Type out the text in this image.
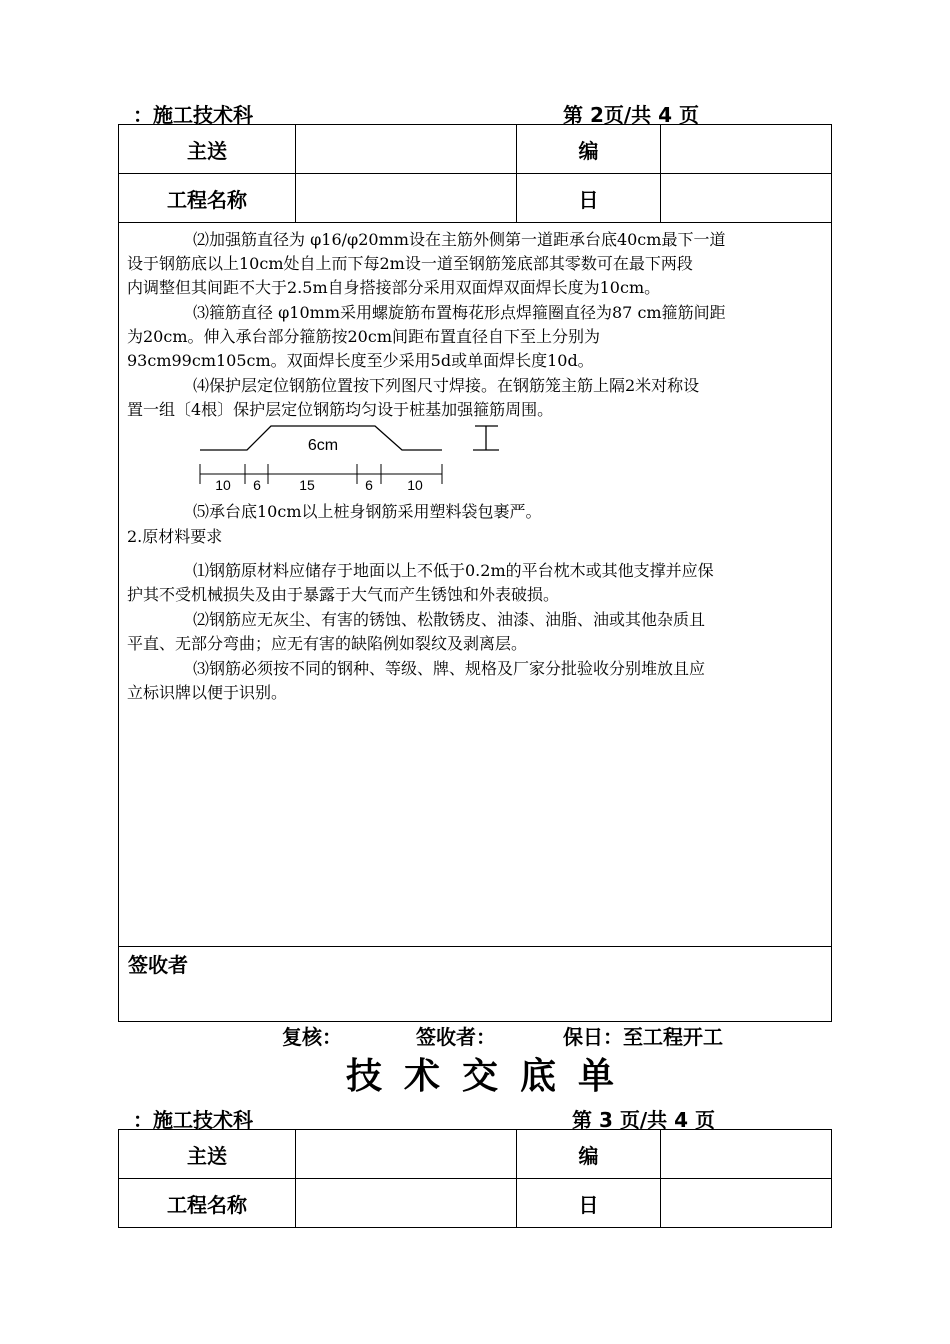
：施工技术科	第 2页/共 4 页
主送		编	
工程名称		日	
⑵加强筋直径为 φ16/φ20mm设在主筋外侧第一道距承台底40cm最下一道
设于钢筋底以上10cm处自上而下每2m设一道至钢筋笼底部其零数可在最下两段
内调整但其间距不大于2.5m自身搭接部分采用双面焊双面焊长度为10cm。
⑶箍筋直径 φ10mm采用螺旋筋布置梅花形点焊箍圈直径为87 cm箍筋间距
为20cm。伸入承台部分箍筋按20cm间距布置直径自下至上分别为
93cm99cm105cm。双面焊长度至少采用5d或单面焊长度10d。
⑷保护层定位钢筋位置按下列图尺寸焊接。在钢筋笼主筋上隔2米对称设
置一组〔4根〕保护层定位钢筋均匀设于桩基加强箍筋周围。
6cm
10 6	15	6 10
⑸承台底10cm以上桩身钢筋采用塑料袋包裹严。
2.原材料要求
⑴钢筋原材料应储存于地面以上不低于0.2m的平台枕木或其他支撑并应保
护其不受机械损失及由于暴露于大气而产生锈蚀和外表破损。
⑵钢筋应无灰尘、有害的锈蚀、松散锈皮、油漆、油脂、油或其他杂质且
平直、无部分弯曲；应无有害的缺陷例如裂纹及剥离层。
⑶钢筋必须按不同的钢种、等级、牌、规格及厂家分批验收分别堆放且应
立标识牌以便于识别。
签收者
复核：	签收者：	保日：至工程开工
技术交底单
：施工技术科	第 3 页/共 4 页
主送		编	
工程名称		日	
